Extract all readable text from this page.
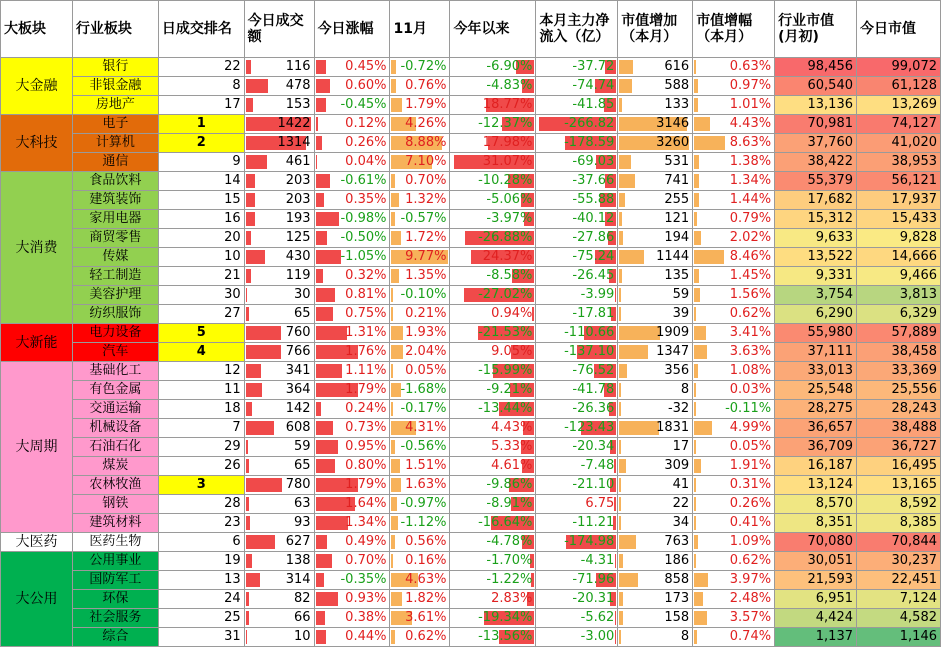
大板块	行业板块	日成交排名	今日成交额	今日涨幅	11月	今年以来	本月主力净流入（亿）	市值增加（本月）	市值增幅（本月）	行业市值(月初)	今日市值
大金融	银行	22	116	0.45%	-0.72%	-6.90%	-37.72	616	0.63%	98,456	99,072
	非银金融	8	478	0.60%	0.76%	-4.83%	-74.74	588	0.97%	60,540	61,128
	房地产	17	153	-0.45%	1.79%	18.77%	-41.85	133	1.01%	13,136	13,269
大科技	电子	1	1422	0.12%	4.26%	-12.37%	-266.82	3146	4.43%	70,981	74,127
	计算机	2	1314	0.26%	8.88%	17.98%	-178.59	3260	8.63%	37,760	41,020
	通信	9	461	0.04%	7.10%	31.07%	-69.03	531	1.38%	38,422	38,953
大消费	食品饮料	14	203	-0.61%	0.70%	-10.28%	-37.66	741	1.34%	55,379	56,121
	建筑装饰	15	203	0.35%	1.32%	-5.06%	-55.88	255	1.44%	17,682	17,937
	家用电器	16	193	-0.98%	-0.57%	-3.97%	-40.12	121	0.79%	15,312	15,433
	商贸零售	20	125	-0.50%	1.72%	-26.88%	-27.86	194	2.02%	9,633	9,828
	传媒	10	430	-1.05%	9.77%	24.37%	-75.24	1144	8.46%	13,522	14,666
	轻工制造	21	119	0.32%	1.35%	-8.58%	-26.45	135	1.45%	9,331	9,466
	美容护理	30	30	0.81%	-0.10%	-27.02%	-3.99	59	1.56%	3,754	3,813
	纺织服饰	27	65	0.75%	0.21%	0.94%	-17.81	39	0.62%	6,290	6,329
大新能	电力设备	5	760	1.31%	1.93%	-21.53%	-110.66	1909	3.41%	55,980	57,889
	汽车	4	766	1.76%	2.04%	9.05%	-137.10	1347	3.63%	37,111	38,458
大周期	基础化工	12	341	1.11%	0.05%	-15.99%	-76.52	356	1.08%	33,013	33,369
	有色金属	11	364	1.79%	-1.68%	-9.21%	-41.78	8	0.03%	25,548	25,556
	交通运输	18	142	0.24%	-0.17%	-13.44%	-26.36	-32	-0.11%	28,275	28,243
	机械设备	7	608	0.73%	4.31%	4.43%	-123.43	1831	4.99%	36,657	38,488
	石油石化	29	59	0.95%	-0.56%	5.33%	-20.34	17	0.05%	36,709	36,727
	煤炭	26	65	0.80%	1.51%	4.61%	-7.48	309	1.91%	16,187	16,495
	农林牧渔	3	780	1.79%	1.63%	-9.86%	-21.10	41	0.31%	13,124	13,165
	钢铁	28	63	1.64%	-0.97%	-8.91%	6.75	22	0.26%	8,570	8,592
	建筑材料	23	93	1.34%	-1.12%	-16.64%	-11.21	34	0.41%	8,351	8,385
大医药	医药生物	6	627	0.49%	0.56%	-4.78%	-174.98	763	1.09%	70,080	70,844
大公用	公用事业	19	138	0.70%	0.16%	-1.70%	-4.31	186	0.62%	30,051	30,237
	国防军工	13	314	-0.35%	4.63%	-1.22%	-71.96	858	3.97%	21,593	22,451
	环保	24	82	0.93%	1.82%	2.83%	-20.31	173	2.48%	6,951	7,124
	社会服务	25	66	0.38%	3.61%	-19.34%	-5.62	158	3.57%	4,424	4,582
	综合	31	10	0.44%	0.62%	-13.56%	-3.00	8	0.74%	1,137	1,146
